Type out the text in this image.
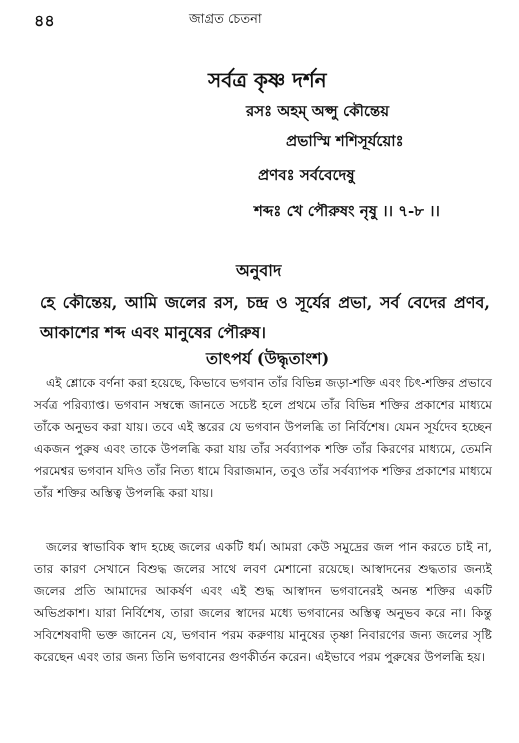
৪৪	জাগ্রত চেতনা
সর্বত্র কৃষ্ণ দর্শন
রসঃ অহম্ অপ্সু কৌন্তেয়
প্রভাস্মি শশিসূর্যয়োঃ
প্রণবঃ সর্ববেদেষু
শব্দঃ খে পৌরুষং নৃষু ।। ৭-৮ ।।
অনুবাদ
হে কৌন্তেয়, আমি জলের রস, চন্দ্র ও সূর্যের প্রভা, সর্ব বেদের প্রণব, আকাশের শব্দ এবং মানুষের পৌরুষ।
তাৎপর্য (উদ্ধৃতাংশ)
এই শ্লোকে বর্ণনা করা হয়েছে, কিভাবে ভগবান তাঁর বিভিন্ন জড়া-শক্তি এবং চিৎ-শক্তির প্রভাবে সর্বত্র পরিব্যাপ্ত। ভগবান সম্বন্ধে জানতে সচেষ্ট হলে প্রথমে তাঁর বিভিন্ন শক্তির প্রকাশের মাধ্যমে তাঁকে অনুভব করা যায়। তবে এই স্তরের যে ভগবান উপলব্ধি তা নির্বিশেষ। যেমন সূর্যদেব হচ্ছেন একজন পুরুষ এবং তাকে উপলব্ধি করা যায় তাঁর সর্বব্যাপক শক্তি তাঁর কিরণের মাধ্যমে, তেমনি পরমেশ্বর ভগবান যদিও তাঁর নিত্য ধামে বিরাজমান, তবুও তাঁর সর্বব্যাপক শক্তির প্রকাশের মাধ্যমে তাঁর শক্তির অস্তিত্ব উপলব্ধি করা যায়।
জলের স্বাভাবিক স্বাদ হচ্ছে জলের একটি ধর্ম। আমরা কেউ সমুদ্রের জল পান করতে চাই না, তার কারণ সেখানে বিশুদ্ধ জলের সাথে লবণ মেশানো রয়েছে। আস্বাদনের শুদ্ধতার জন্যই জলের প্রতি আমাদের আকর্ষণ এবং এই শুদ্ধ আস্বাদন ভগবানেরই অনন্ত শক্তির একটি অভিপ্রকাশ। যারা নির্বিশেষ, তারা জলের স্বাদের মধ্যে ভগবানের অস্তিত্ব অনুভব করে না। কিন্তু সবিশেষবাদী ভক্ত জানেন যে, ভগবান পরম করুণায় মানুষের তৃষ্ণা নিবারণের জন্য জলের সৃষ্টি করেছেন এবং তার জন্য তিনি ভগবানের গুণকীর্তন করেন। এইভাবে পরম পুরুষের উপলব্ধি হয়।
